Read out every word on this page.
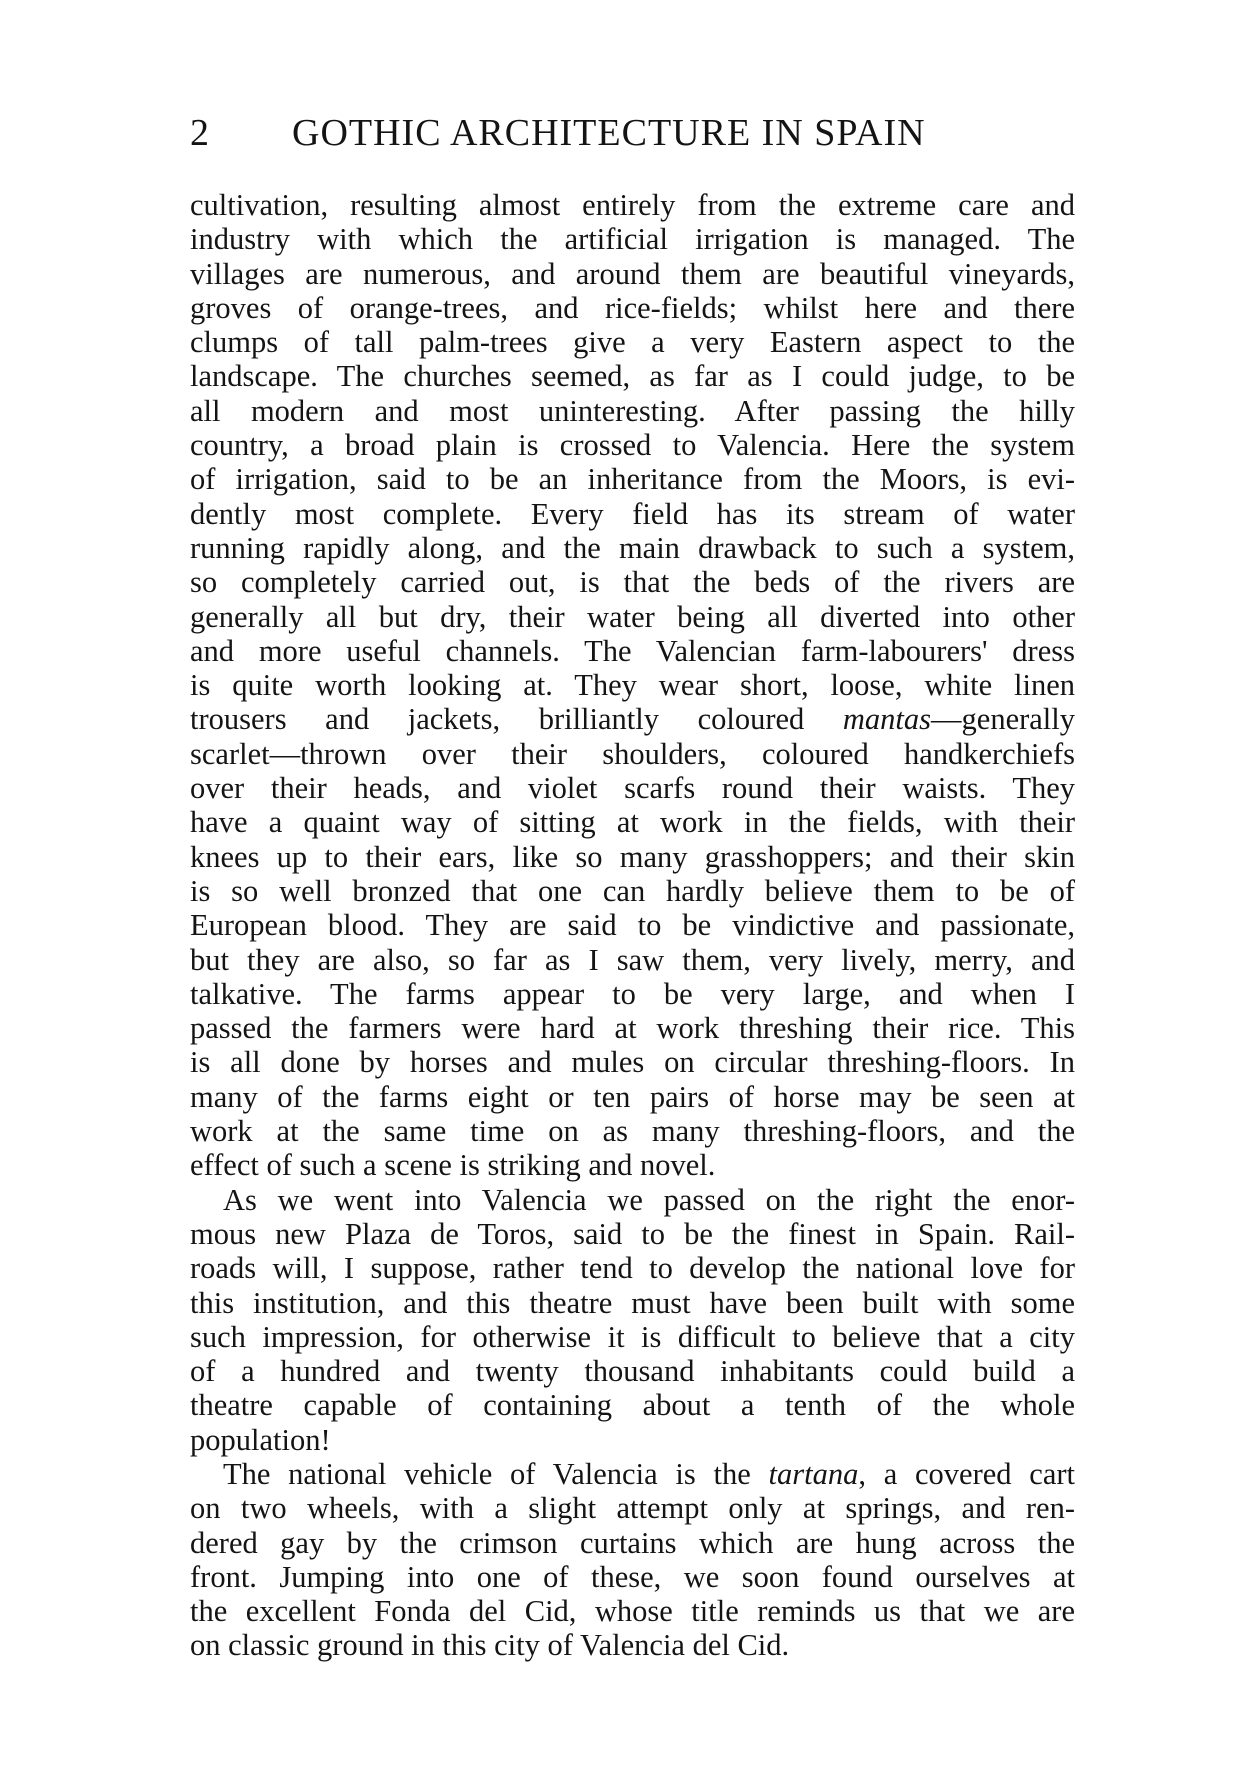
2 GOTHIC ARCHITECTURE IN SPAIN
cultivation, resulting almost entirely from the extreme care and
industry with which the artificial irrigation is managed. The
villages are numerous, and around them are beautiful vineyards,
groves of orange-trees, and rice-fields; whilst here and there
clumps of tall palm-trees give a very Eastern aspect to the
landscape. The churches seemed, as far as I could judge, to be
all modern and most uninteresting. After passing the hilly
country, a broad plain is crossed to Valencia. Here the system
of irrigation, said to be an inheritance from the Moors, is evi-
dently most complete. Every field has its stream of water
running rapidly along, and the main drawback to such a system,
so completely carried out, is that the beds of the rivers are
generally all but dry, their water being all diverted into other
and more useful channels. The Valencian farm-labourers' dress
is quite worth looking at. They wear short, loose, white linen
trousers and jackets, brilliantly coloured mantas—generally
scarlet—thrown over their shoulders, coloured handkerchiefs
over their heads, and violet scarfs round their waists. They
have a quaint way of sitting at work in the fields, with their
knees up to their ears, like so many grasshoppers; and their skin
is so well bronzed that one can hardly believe them to be of
European blood. They are said to be vindictive and passionate,
but they are also, so far as I saw them, very lively, merry, and
talkative. The farms appear to be very large, and when I
passed the farmers were hard at work threshing their rice. This
is all done by horses and mules on circular threshing-floors. In
many of the farms eight or ten pairs of horse may be seen at
work at the same time on as many threshing-floors, and the
effect of such a scene is striking and novel.
As we went into Valencia we passed on the right the enor-
mous new Plaza de Toros, said to be the finest in Spain. Rail-
roads will, I suppose, rather tend to develop the national love for
this institution, and this theatre must have been built with some
such impression, for otherwise it is difficult to believe that a city
of a hundred and twenty thousand inhabitants could build a
theatre capable of containing about a tenth of the whole
population!
The national vehicle of Valencia is the tartana, a covered cart
on two wheels, with a slight attempt only at springs, and ren-
dered gay by the crimson curtains which are hung across the
front. Jumping into one of these, we soon found ourselves at
the excellent Fonda del Cid, whose title reminds us that we are
on classic ground in this city of Valencia del Cid.
